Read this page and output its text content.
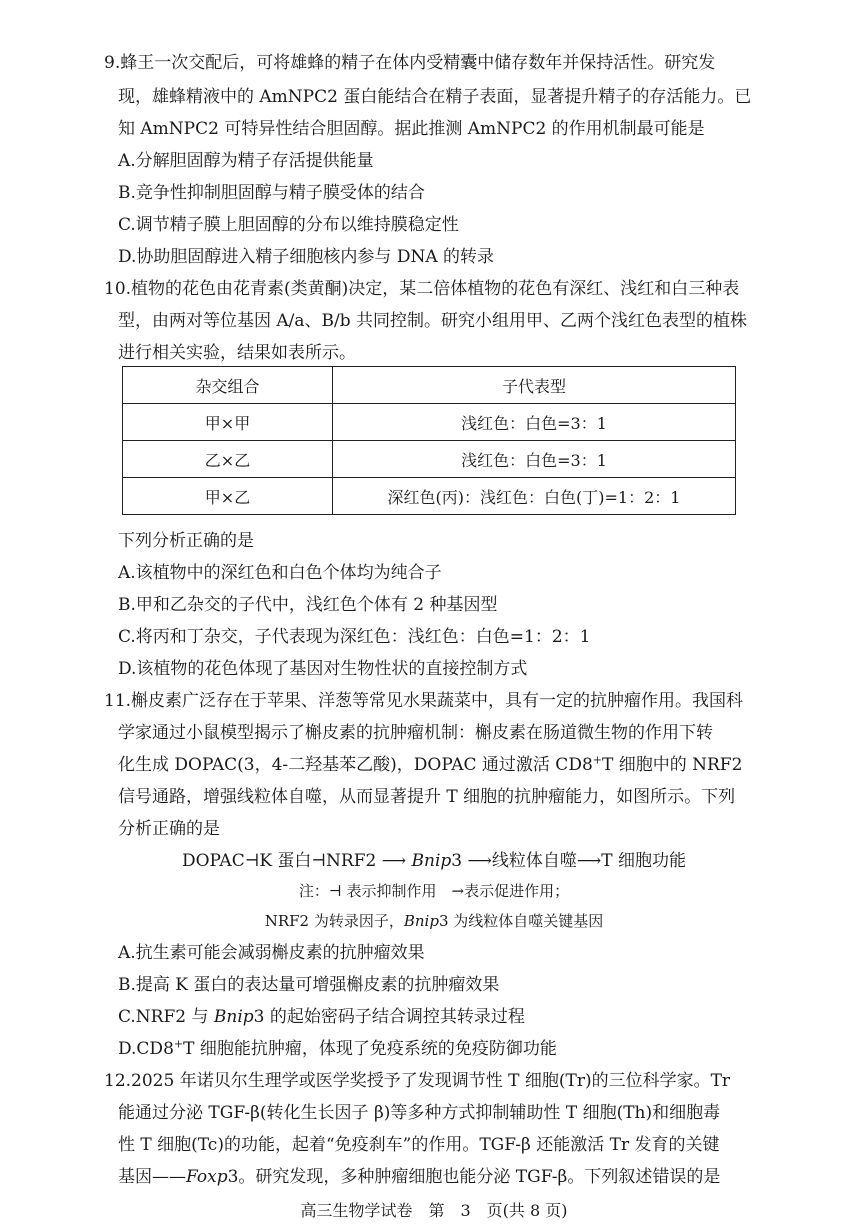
9.蜂王一次交配后，可将雄蜂的精子在体内受精囊中储存数年并保持活性。研究发
现，雄蜂精液中的 AmNPC2 蛋白能结合在精子表面，显著提升精子的存活能力。已
知 AmNPC2 可特异性结合胆固醇。据此推测 AmNPC2 的作用机制最可能是
A.分解胆固醇为精子存活提供能量
B.竞争性抑制胆固醇与精子膜受体的结合
C.调节精子膜上胆固醇的分布以维持膜稳定性
D.协助胆固醇进入精子细胞核内参与 DNA 的转录
10.植物的花色由花青素(类黄酮)决定，某二倍体植物的花色有深红、浅红和白三种表
型，由两对等位基因 A/a、B/b 共同控制。研究小组用甲、乙两个浅红色表型的植株
进行相关实验，结果如表所示。
杂交组合	子代表型
甲×甲	浅红色：白色=3：1
乙×乙	浅红色：白色=3：1
甲×乙	深红色(丙)：浅红色：白色(丁)=1：2：1
下列分析正确的是
A.该植物中的深红色和白色个体均为纯合子
B.甲和乙杂交的子代中，浅红色个体有 2 种基因型
C.将丙和丁杂交，子代表现为深红色：浅红色：白色=1：2：1
D.该植物的花色体现了基因对生物性状的直接控制方式
11.槲皮素广泛存在于苹果、洋葱等常见水果蔬菜中，具有一定的抗肿瘤作用。我国科
学家通过小鼠模型揭示了槲皮素的抗肿瘤机制：槲皮素在肠道微生物的作用下转
化生成 DOPAC(3，4-二羟基苯乙酸)，DOPAC 通过激活 CD8+T 细胞中的 NRF2
信号通路，增强线粒体自噬，从而显著提升 T 细胞的抗肿瘤能力，如图所示。下列
分析正确的是
DOPAC⊣K 蛋白⊣NRF2 ⟶ Bnip3 ⟶线粒体自噬⟶T 细胞功能
注：⊣ 表示抑制作用　→表示促进作用；
NRF2 为转录因子，Bnip3 为线粒体自噬关键基因
A.抗生素可能会减弱槲皮素的抗肿瘤效果
B.提高 K 蛋白的表达量可增强槲皮素的抗肿瘤效果
C.NRF2 与 Bnip3 的起始密码子结合调控其转录过程
D.CD8+T 细胞能抗肿瘤，体现了免疫系统的免疫防御功能
12.2025 年诺贝尔生理学或医学奖授予了发现调节性 T 细胞(Tr)的三位科学家。Tr
能通过分泌 TGF-β(转化生长因子 β)等多种方式抑制辅助性 T 细胞(Th)和细胞毒
性 T 细胞(Tc)的功能，起着“免疫刹车”的作用。TGF-β 还能激活 Tr 发育的关键
基因——Foxp3。研究发现，多种肿瘤细胞也能分泌 TGF-β。下列叙述错误的是
高三生物学试卷　第　3　页(共 8 页)
